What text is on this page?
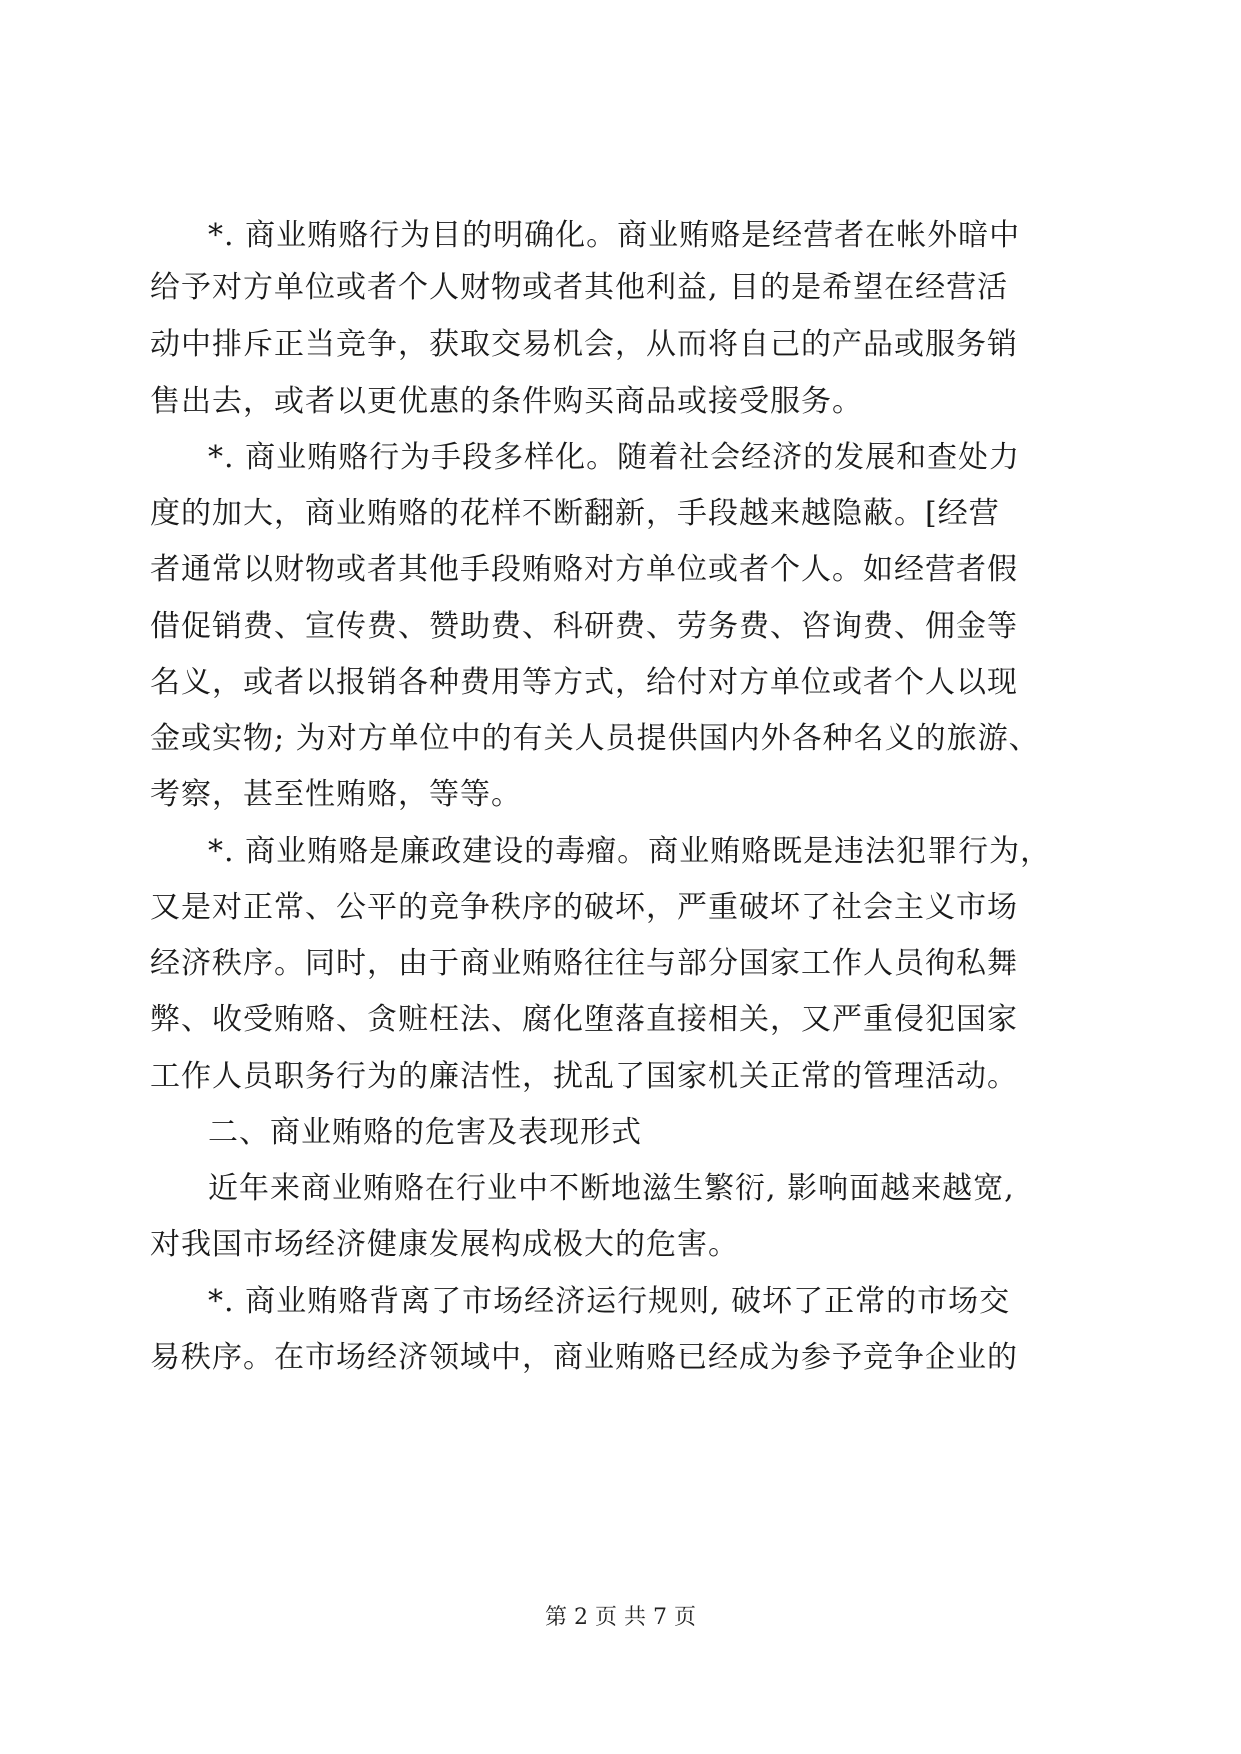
*. 商业贿赂行为目的明确化。商业贿赂是经营者在帐外暗中
给予对方单位或者个人财物或者其他利益, 目的是希望在经营活
动中排斥正当竞争，获取交易机会，从而将自己的产品或服务销
售出去，或者以更优惠的条件购买商品或接受服务。
*. 商业贿赂行为手段多样化。随着社会经济的发展和查处力
度的加大，商业贿赂的花样不断翻新，手段越来越隐蔽。[经营
者通常以财物或者其他手段贿赂对方单位或者个人。如经营者假
借促销费、宣传费、赞助费、科研费、劳务费、咨询费、佣金等
名义，或者以报销各种费用等方式，给付对方单位或者个人以现
金或实物; 为对方单位中的有关人员提供国内外各种名义的旅游、
考察，甚至性贿赂，等等。
*. 商业贿赂是廉政建设的毒瘤。商业贿赂既是违法犯罪行为，
又是对正常、公平的竞争秩序的破坏，严重破坏了社会主义市场
经济秩序。同时，由于商业贿赂往往与部分国家工作人员徇私舞
弊、收受贿赂、贪赃枉法、腐化堕落直接相关，又严重侵犯国家
工作人员职务行为的廉洁性，扰乱了国家机关正常的管理活动。
二、商业贿赂的危害及表现形式
近年来商业贿赂在行业中不断地滋生繁衍, 影响面越来越宽,
对我国市场经济健康发展构成极大的危害。
*. 商业贿赂背离了市场经济运行规则, 破坏了正常的市场交
易秩序。在市场经济领域中，商业贿赂已经成为参予竞争企业的
第 2 页 共 7 页
